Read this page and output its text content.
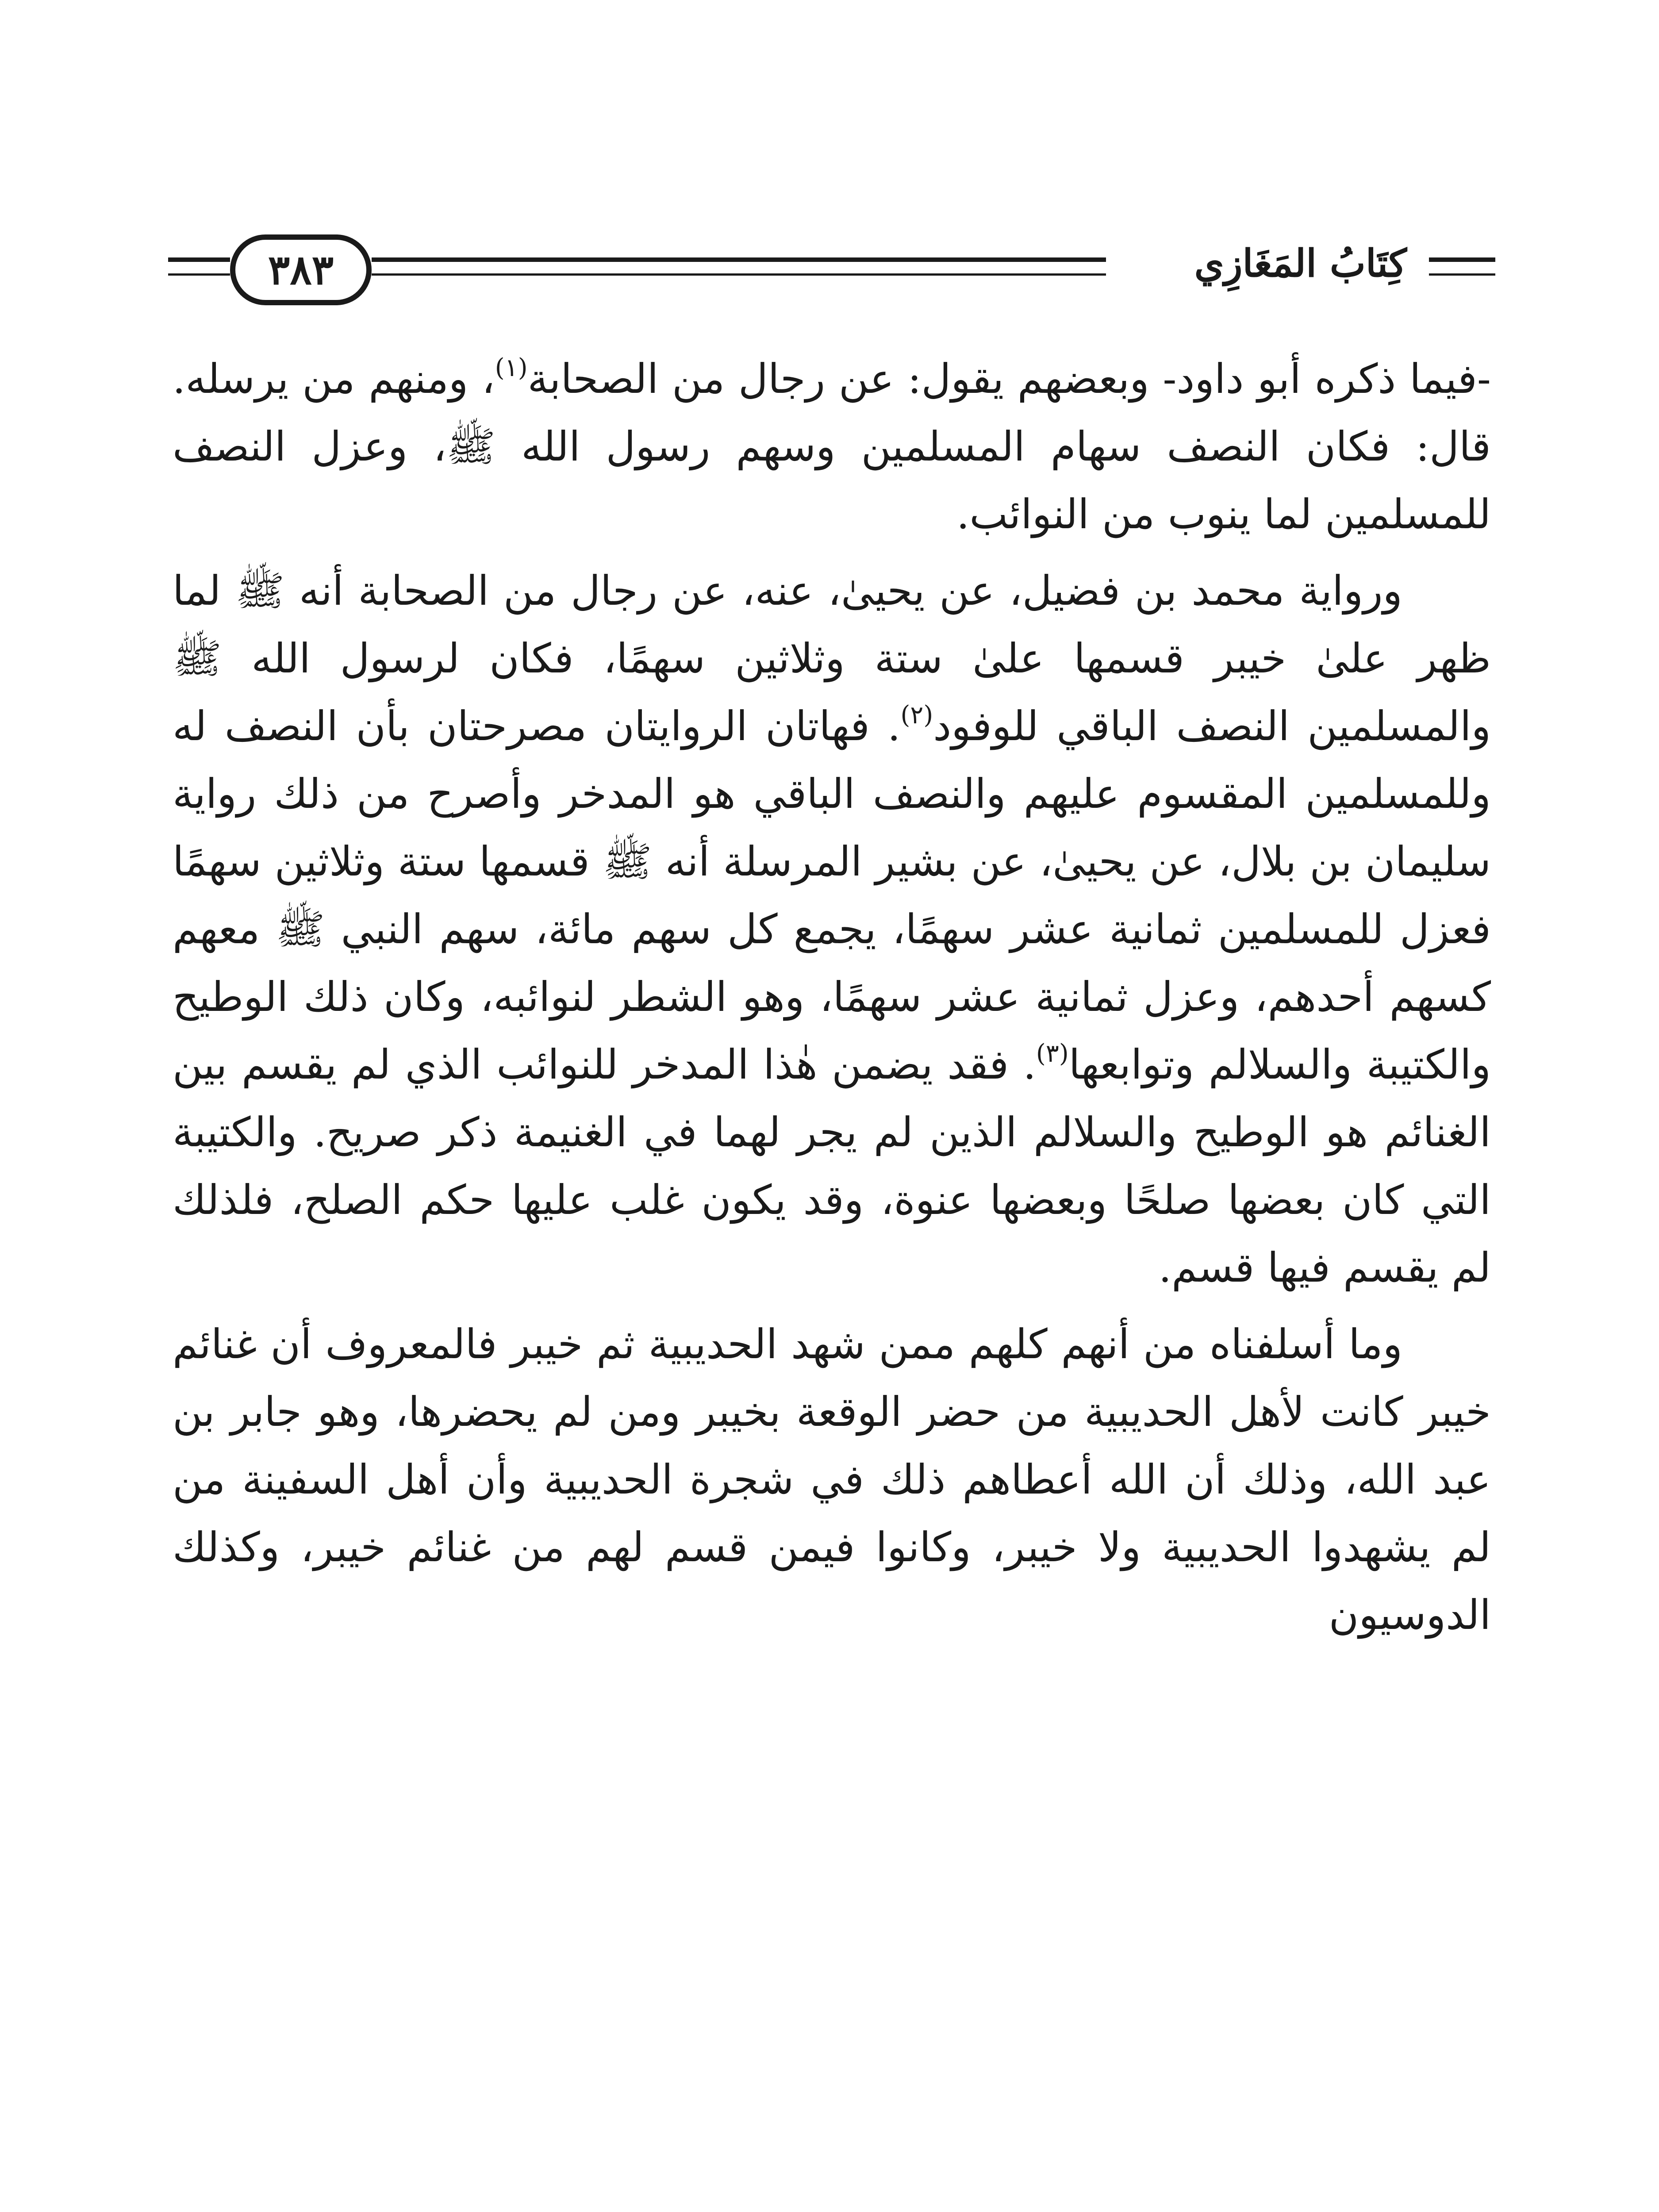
كِتَابُ المَغَازِي
٣٨٣

-فيما ذكره أبو داود- وبعضهم يقول: عن رجال من الصحابة$^{(١)}$، ومنهم من يرسله. قال: فكان النصف سهام المسلمين وسهم رسول الله ﷺ، وعزل النصف للمسلمين لما ينوب من النوائب.

ورواية محمد بن فضيل، عن يحيىٰ، عنه، عن رجال من الصحابة أنه ﷺ لما ظهر علىٰ خيبر قسمها علىٰ ستة وثلاثين سهمًا، فكان لرسول الله ﷺ والمسلمين النصف الباقي للوفود$^{(٢)}$. فهاتان الروايتان مصرحتان بأن النصف له وللمسلمين المقسوم عليهم والنصف الباقي هو المدخر وأصرح من ذلك رواية سليمان بن بلال، عن يحيىٰ، عن بشير المرسلة أنه ﷺ قسمها ستة وثلاثين سهمًا فعزل للمسلمين ثمانية عشر سهمًا، يجمع كل سهم مائة، سهم النبي ﷺ معهم كسهم أحدهم، وعزل ثمانية عشر سهمًا، وهو الشطر لنوائبه، وكان ذلك الوطيح والكتيبة والسلالم وتوابعها$^{(٣)}$. فقد يضمن هٰذا المدخر للنوائب الذي لم يقسم بين الغنائم هو الوطيح والسلالم الذين لم يجر لهما في الغنيمة ذكر صريح. والكتيبة التي كان بعضها صلحًا وبعضها عنوة، وقد يكون غلب عليها حكم الصلح، فلذلك لم يقسم فيها قسم.

وما أسلفناه من أنهم كلهم ممن شهد الحديبية ثم خيبر فالمعروف أن غنائم خيبر كانت لأهل الحديبية من حضر الوقعة بخيبر ومن لم يحضرها، وهو جابر بن عبد الله، وذلك أن الله أعطاهم ذلك في شجرة الحديبية وأن أهل السفينة من لم يشهدوا الحديبية ولا خيبر، وكانوا فيمن قسم لهم من غنائم خيبر، وكذلك الدوسيون
